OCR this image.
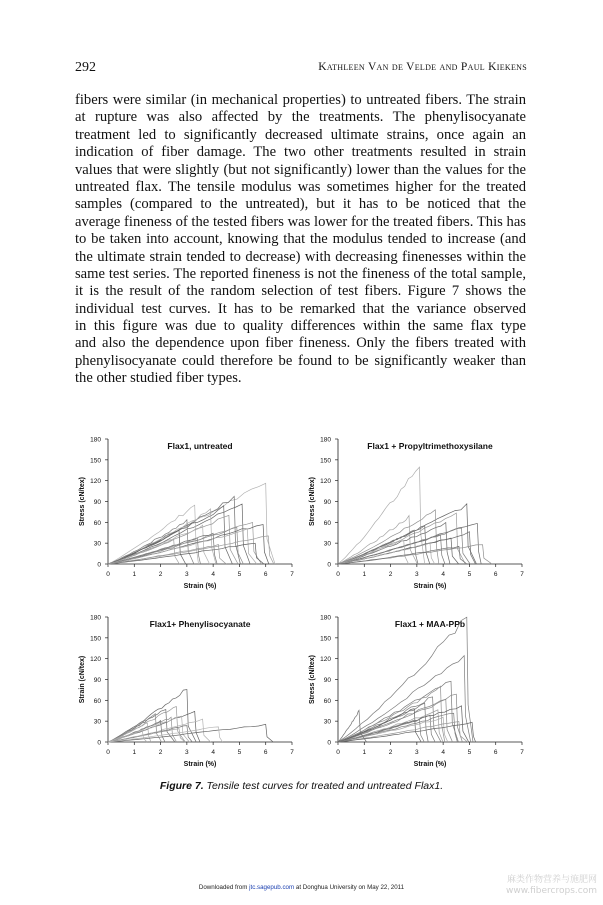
292	Kathleen Van de Velde and Paul Kiekens
fibers were similar (in mechanical properties) to untreated fibers. The strain
at rupture was also affected by the treatments. The phenylisocyanate
treatment led to significantly decreased ultimate strains, once again an
indication of fiber damage. The two other treatments resulted in strain
values that were slightly (but not significantly) lower than the values for the
untreated flax. The tensile modulus was sometimes higher for the treated
samples (compared to the untreated), but it has to be noticed that the
average fineness of the tested fibers was lower for the treated fibers. This has
to be taken into account, knowing that the modulus tended to increase (and
the ultimate strain tended to decrease) with decreasing finenesses within the
same test series. The reported fineness is not the fineness of the total sample,
it is the result of the random selection of test fibers. Figure 7 shows the
individual test curves. It has to be remarked that the variance observed
in this figure was due to quality differences within the same flax type
and also the dependence upon fiber fineness. Only the fibers treated with
phenylisocyanate could therefore be found to be significantly weaker than
the other studied fiber types.
Flax1, untreated
0
30
60
90
120
150
180
0	1	2	3	4	5	6	7
Strain (%)
Stress (cN/tex)
Flax1 + Propyltrimethoxysilane
0
30
60
90
120
150
180
0	1	2	3	4	5	6	7
Strain (%)
Stress (cN/tex)
Flax1+ Phenylisocyanate
0
30
60
90
120
150
180
0	1	2	3	4	5	6	7
Strain (%)
Strain (cN/tex)
Flax1 + MAA-PPb
0
30
60
90
120
150
180
0	1	2	3	4	5	6	7
Strain (%)
Stress (cN/tex)
Figure 7. Tensile test curves for treated and untreated Flax1.
Downloaded from jtc.sagepub.com at Donghua University on May 22, 2011
麻类作物营养与施肥网
www.fibercrops.com
